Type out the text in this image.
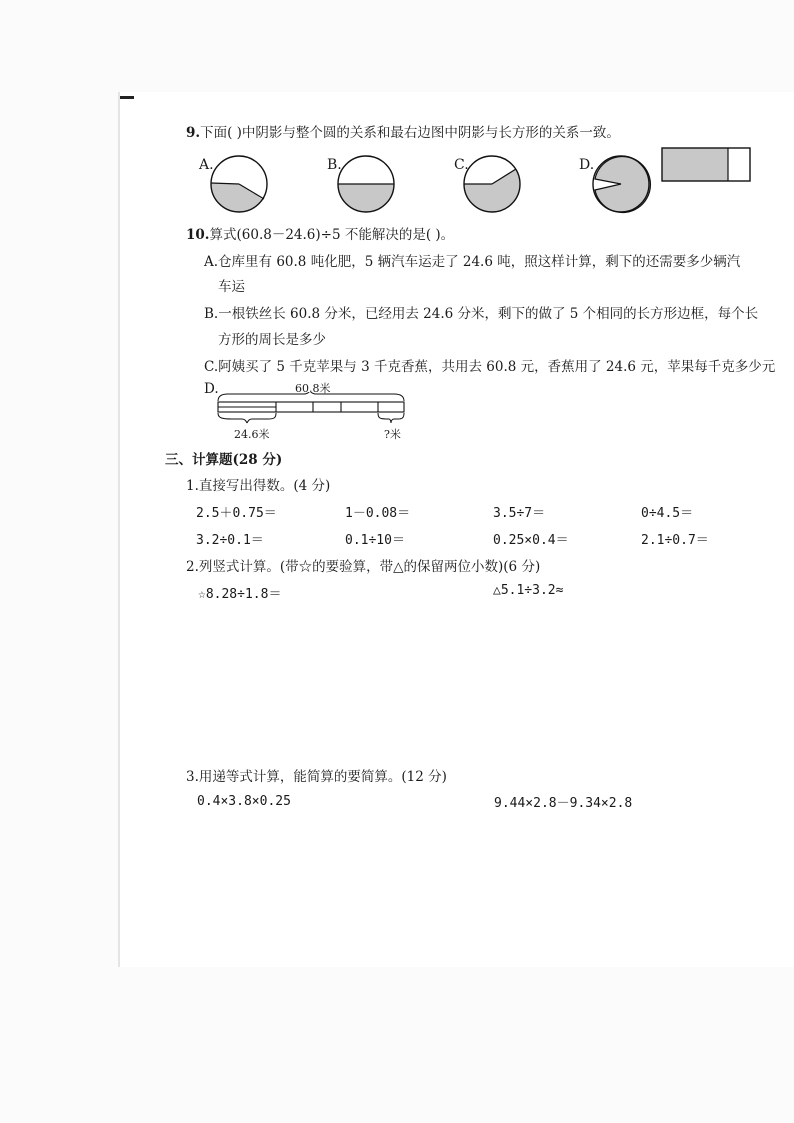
9.下面( )中阴影与整个圆的关系和最右边图中阴影与长方形的关系一致。
A.	B.	C.	D.
10.算式(60.8－24.6)÷5 不能解决的是( )。
A.仓库里有 60.8 吨化肥，5 辆汽车运走了 24.6 吨，照这样计算，剩下的还需要多少辆汽
车运
B.一根铁丝长 60.8 分米，已经用去 24.6 分米，剩下的做了 5 个相同的长方形边框，每个长
方形的周长是多少
C.阿姨买了 5 千克苹果与 3 千克香蕉，共用去 60.8 元，香蕉用了 24.6 元，苹果每千克多少元
D.	60.8米
24.6米	?米
三、计算题(28 分)
1.直接写出得数。(4 分)
2.5＋0.75＝	1－0.08＝	3.5÷7＝	0÷4.5＝
3.2÷0.1＝	0.1÷10＝	0.25×0.4＝	2.1÷0.7＝
2.列竖式计算。(带☆的要验算，带△的保留两位小数)(6 分)
☆8.28÷1.8＝	△5.1÷3.2≈
3.用递等式计算，能简算的要简算。(12 分)
0.4×3.8×0.25	9.44×2.8－9.34×2.8
